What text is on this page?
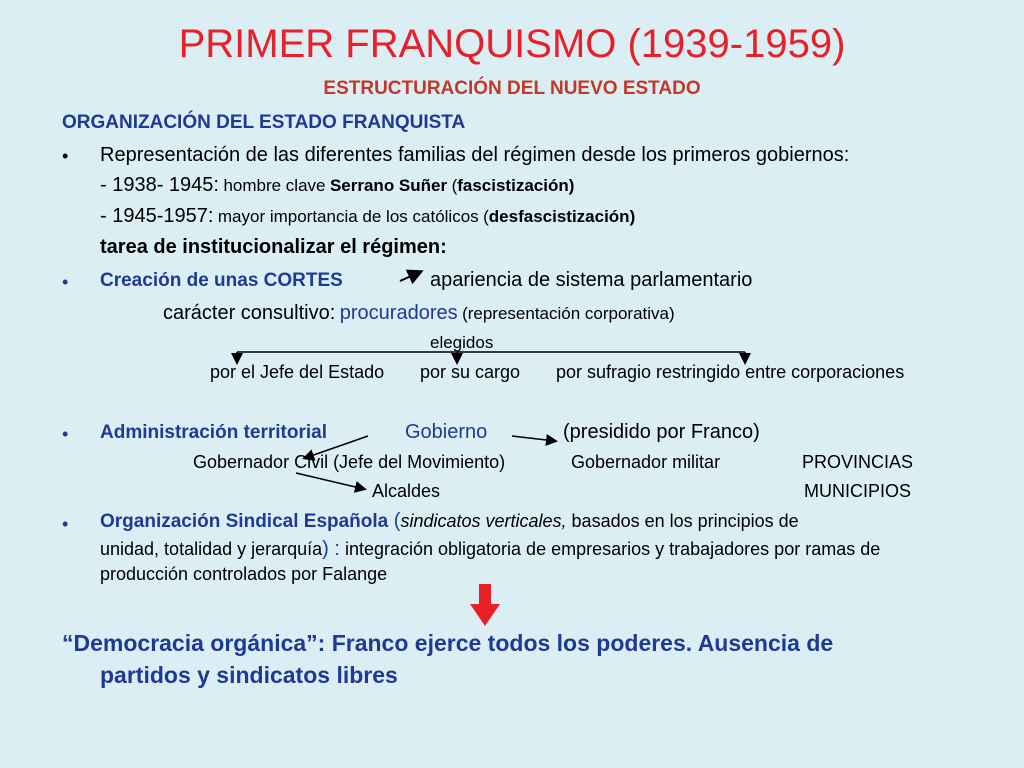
PRIMER FRANQUISMO (1939-1959)
ESTRUCTURACIÓN DEL NUEVO ESTADO
ORGANIZACIÓN DEL ESTADO FRANQUISTA
• Representación de las diferentes familias del régimen desde los primeros gobiernos:
- 1938- 1945: hombre clave Serrano Suñer (fascistización)
- 1945-1957: mayor importancia de los católicos (desfascistización)
tarea de institucionalizar el régimen:
• Creación de unas CORTES	apariencia de sistema parlamentario
carácter consultivo: procuradores (representación corporativa)
elegidos
por el Jefe del Estado por su cargo por sufragio restringido entre corporaciones
• Administración territorial	Gobierno	(presidido por Franco)
Gobernador Civil (Jefe del Movimiento)	Gobernador militar	PROVINCIAS
Alcaldes	MUNICIPIOS
• Organización Sindical Española (sindicatos verticales, basados en los principios de
unidad, totalidad y jerarquía) : integración obligatoria de empresarios y trabajadores por ramas de
producción controlados por Falange
“Democracia orgánica”: Franco ejerce todos los poderes. Ausencia de
partidos y sindicatos libres
